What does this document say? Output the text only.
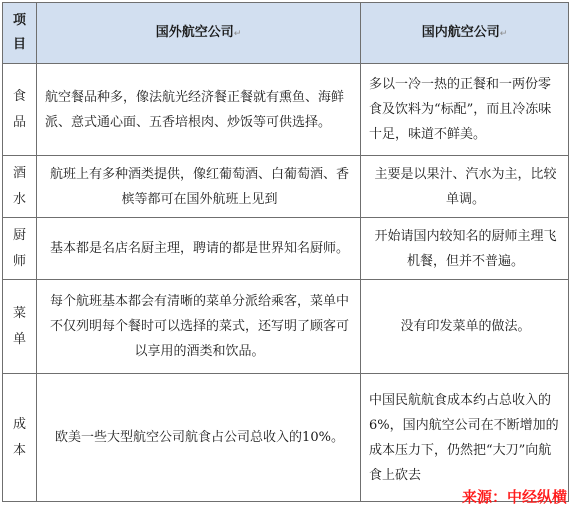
项目	国外航空公司↵	国内航空公司↵

食品	航空餐品种多，像法航光经济餐正餐就有熏鱼、海鲜派、意式通心面、五香培根肉、炒饭等可供选择。	多以一冷一热的正餐和一两份零食及饮料为“标配”，而且冷冻味十足，味道不鲜美。

酒水	航班上有多种酒类提供，像红葡萄酒、白葡萄酒、香槟等都可在国外航班上见到	主要是以果汁、汽水为主，比较单调。

厨师	基本都是名店名厨主理，聘请的都是世界知名厨师。	开始请国内较知名的厨师主理飞机餐，但并不普遍。

菜单	每个航班基本都会有清晰的菜单分派给乘客，菜单中不仅列明每个餐时可以选择的菜式，还写明了顾客可以享用的酒类和饮品。	没有印发菜单的做法。

成本	欧美一些大型航空公司航食占公司总收入的10%。	中国民航航食成本约占总收入的6%，国内航空公司在不断增加的成本压力下，仍然把“大刀”向航食上砍去
来源：中经纵横
